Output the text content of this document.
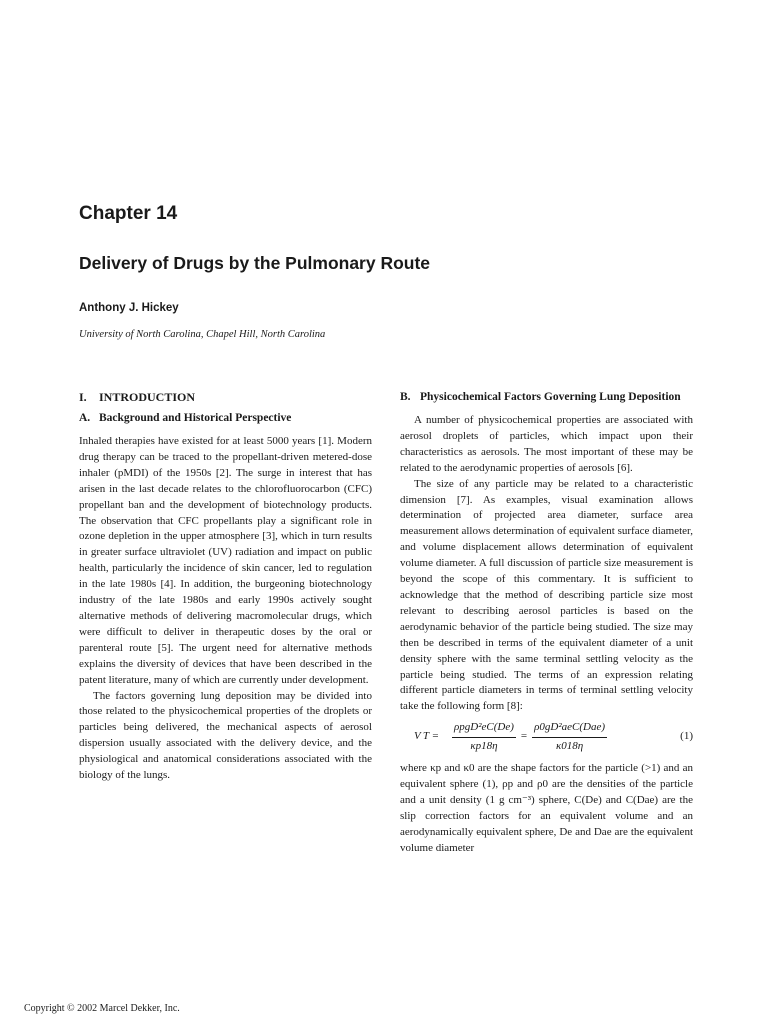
Chapter 14
Delivery of Drugs by the Pulmonary Route
Anthony J. Hickey
University of North Carolina, Chapel Hill, North Carolina
I. INTRODUCTION
A. Background and Historical Perspective

Inhaled therapies have existed for at least 5000 years [1]. Modern drug therapy can be traced to the propellant-driven metered-dose inhaler (pMDI) of the 1950s [2]. The surge in interest that has arisen in the last decade relates to the chlorofluorocarbon (CFC) propellant ban and the development of biotechnology products. The observation that CFC propellants play a significant role in ozone depletion in the upper atmosphere [3], which in turn results in greater surface ultraviolet (UV) radiation and impact on public health, particularly the incidence of skin cancer, led to regulation in the late 1980s [4]. In addition, the burgeoning biotechnology industry of the late 1980s and early 1990s actively sought alternative methods of delivering macromolecular drugs, which were difficult to deliver in therapeutic doses by the oral or parenteral route [5]. The urgent need for alternative methods explains the diversity of devices that have been described in the patent literature, many of which are currently under development.

The factors governing lung deposition may be divided into those related to the physicochemical properties of the droplets or particles being delivered, the mechanical aspects of aerosol dispersion usually associated with the delivery device, and the physiological and anatomical considerations associated with the biology of the lungs.

B. Physicochemical Factors Governing Lung Deposition

A number of physicochemical properties are associated with aerosol droplets of particles, which impact upon their characteristics as aerosols. The most important of these may be related to the aerodynamic properties of aerosols [6].

The size of any particle may be related to a characteristic dimension [7]. As examples, visual examination allows determination of projected area diameter, surface area measurement allows determination of equivalent surface diameter, and volume displacement allows determination of equivalent volume diameter. A full discussion of particle size measurement is beyond the scope of this commentary. It is sufficient to acknowledge that the method of describing particle size most relevant to describing aerosol particles is based on the aerodynamic behavior of the particle being studied. The size may then be described in terms of the equivalent diameter of a unit density sphere with the same terminal settling velocity as the particle being studied. The terms of an expression relating different particle diameters in terms of terminal settling velocity take the following form [8]:

V T =	$\frac{\text{ρpgD²eC(De)}}{\kappa p18\eta} = \frac{\text{ρ0gD²aeC(Dae)}}{\kappa 018\eta}$	(1)

where κp and κ0 are the shape factors for the particle (>1) and an equivalent sphere (1), ρp and ρ0 are the densities of the particle and a unit density (1 g cm⁻³) sphere, C(De) and C(Dae) are the slip correction factors for an equivalent volume and an aerodynamically equivalent sphere, De and Dae are the equivalent volume diameter

Copyright © 2002 Marcel Dekker, Inc.
